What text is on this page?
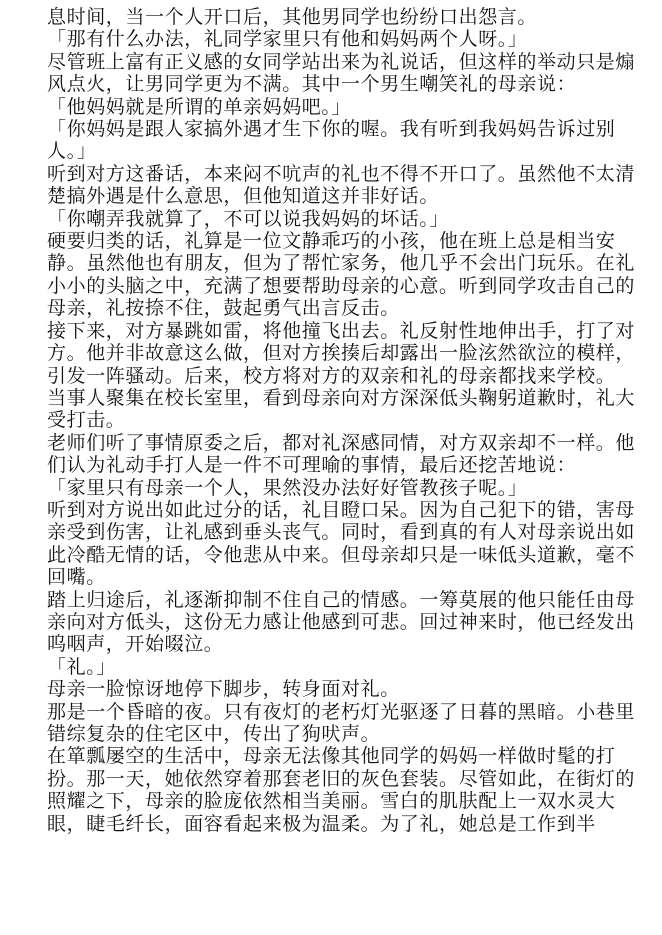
息时间，当一个人开口后，其他男同学也纷纷口出怨言。

「那有什么办法，礼同学家里只有他和妈妈两个人呀。」

尽管班上富有正义感的女同学站出来为礼说话，但这样的举动只是煽风点火，让男同学更为不满。其中一个男生嘲笑礼的母亲说：

「他妈妈就是所谓的单亲妈妈吧。」

「你妈妈是跟人家搞外遇才生下你的喔。我有听到我妈妈告诉过别人。」

听到对方这番话，本来闷不吭声的礼也不得不开口了。虽然他不太清楚搞外遇是什么意思，但他知道这并非好话。

「你嘲弄我就算了，不可以说我妈妈的坏话。」

硬要归类的话，礼算是一位文静乖巧的小孩，他在班上总是相当安静。虽然他也有朋友，但为了帮忙家务，他几乎不会出门玩乐。在礼小小的头脑之中，充满了想要帮助母亲的心意。听到同学攻击自己的母亲，礼按捺不住，鼓起勇气出言反击。

接下来，对方暴跳如雷，将他撞飞出去。礼反射性地伸出手，打了对方。他并非故意这么做，但对方挨揍后却露出一脸泫然欲泣的模样，引发一阵骚动。后来，校方将对方的双亲和礼的母亲都找来学校。

当事人聚集在校长室里，看到母亲向对方深深低头鞠躬道歉时，礼大受打击。

老师们听了事情原委之后，都对礼深感同情，对方双亲却不一样。他们认为礼动手打人是一件不可理喻的事情，最后还挖苦地说：

「家里只有母亲一个人，果然没办法好好管教孩子呢。」

听到对方说出如此过分的话，礼目瞪口呆。因为自己犯下的错，害母亲受到伤害，让礼感到垂头丧气。同时，看到真的有人对母亲说出如此冷酷无情的话，令他悲从中来。但母亲却只是一味低头道歉，毫不回嘴。

踏上归途后，礼逐渐抑制不住自己的情感。一筹莫展的他只能任由母亲向对方低头，这份无力感让他感到可悲。回过神来时，他已经发出呜咽声，开始啜泣。

「礼。」

母亲一脸惊讶地停下脚步，转身面对礼。

那是一个昏暗的夜。只有夜灯的老朽灯光驱逐了日暮的黑暗。小巷里错综复杂的住宅区中，传出了狗吠声。

在箪瓢屡空的生活中，母亲无法像其他同学的妈妈一样做时髦的打扮。那一天，她依然穿着那套老旧的灰色套装。尽管如此，在街灯的照耀之下，母亲的脸庞依然相当美丽。雪白的肌肤配上一双水灵大眼，睫毛纤长，面容看起来极为温柔。为了礼，她总是工作到半
